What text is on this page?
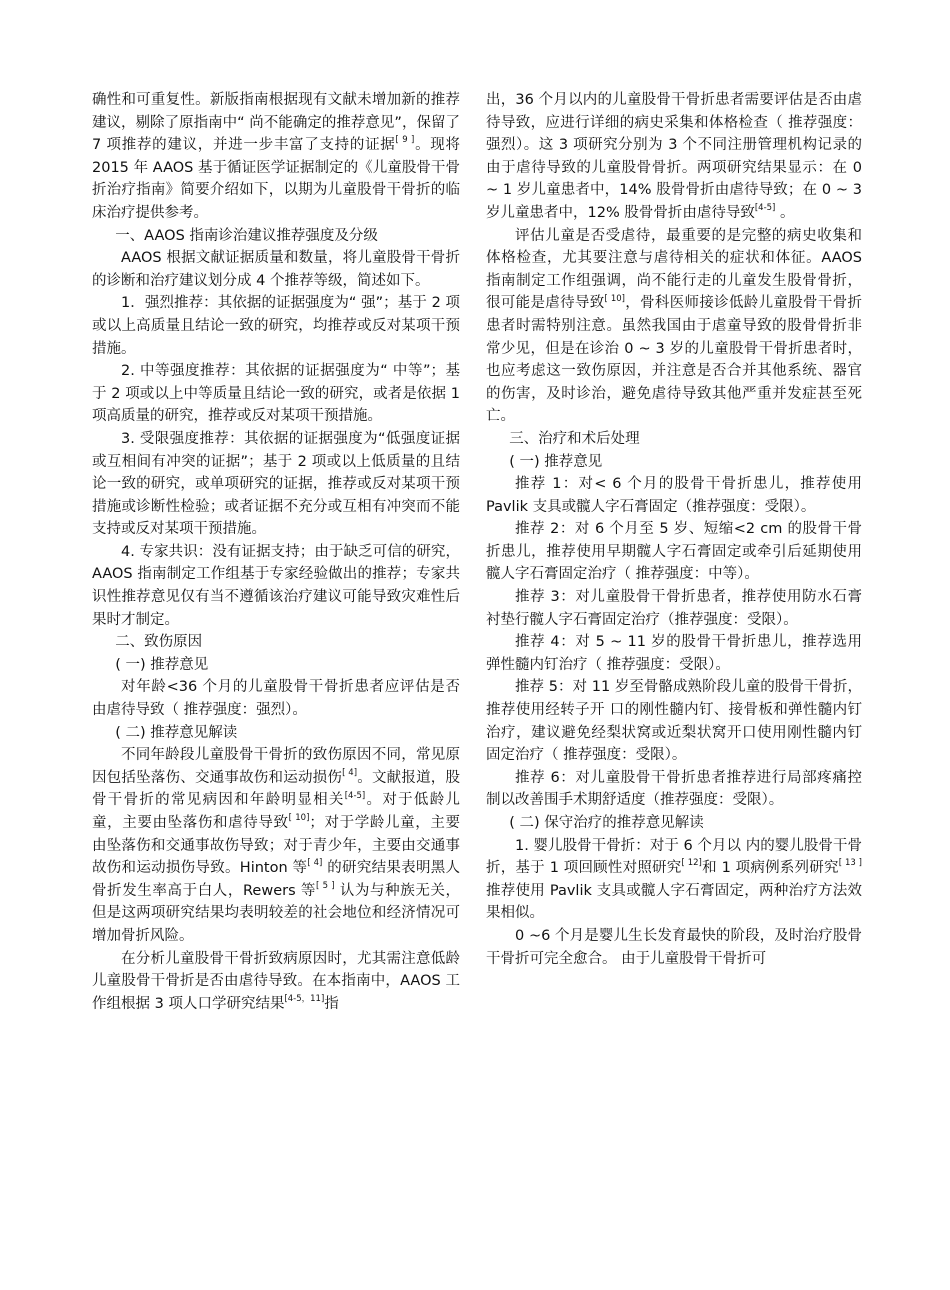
确性和可重复性。新版指南根据现有文献未增加新的推荐建议，剔除了原指南中“ 尚不能确定的推荐意见”，保留了 7 项推荐的建议，并进一步丰富了支持的证据[ 9 ]。现将 2015 年 AAOS 基于循证医学证据制定的《儿童股骨干骨折治疗指南》简要介绍如下，以期为儿童股骨干骨折的临床治疗提供参考。

一、AAOS 指南诊治建议推荐强度及分级

AAOS 根据文献证据质量和数量，将儿童股骨干骨折的诊断和治疗建议划分成 4 个推荐等级，简述如下。

1．强烈推荐：其依据的证据强度为“ 强”；基于 2 项或以上高质量且结论一致的研究，均推荐或反对某项干预措施。

2. 中等强度推荐：其依据的证据强度为“ 中等”；基于 2 项或以上中等质量且结论一致的研究，或者是依据 1 项高质量的研究，推荐或反对某项干预措施。

3. 受限强度推荐：其依据的证据强度为“低强度证据或互相间有冲突的证据”；基于 2 项或以上低质量的且结论一致的研究，或单项研究的证据，推荐或反对某项干预措施或诊断性检验；或者证据不充分或互相有冲突而不能支持或反对某项干预措施。

4. 专家共识：没有证据支持；由于缺乏可信的研究，AAOS 指南制定工作组基于专家经验做出的推荐；专家共识性推荐意见仅有当不遵循该治疗建议可能导致灾难性后果时才制定。

二、致伤原因

( 一) 推荐意见

对年龄<36 个月的儿童股骨干骨折患者应评估是否由虐待导致（ 推荐强度：强烈）。

( 二) 推荐意见解读

不同年龄段儿童股骨干骨折的致伤原因不同，常见原因包括坠落伤、交通事故伤和运动损伤[ 4]。文献报道，股骨干骨折的常见病因和年龄明显相关[4-5]。对于低龄儿童，主要由坠落伤和虐待导致[ 10]；对于学龄儿童，主要由坠落伤和交通事故伤导致；对于青少年，主要由交通事故伤和运动损伤导致。Hinton 等[ 4] 的研究结果表明黑人骨折发生率高于白人，Rewers 等[ 5 ] 认为与种族无关，但是这两项研究结果均表明较差的社会地位和经济情况可增加骨折风险。

在分析儿童股骨干骨折致病原因时，尤其需注意低龄儿童股骨干骨折是否由虐待导致。在本指南中，AAOS 工作组根据 3 项人口学研究结果[4-5，11]指

出，36 个月以内的儿童股骨干骨折患者需要评估是否由虐待导致，应进行详细的病史采集和体格检查（ 推荐强度：强烈）。这 3 项研究分别为 3 个不同注册管理机构记录的由于虐待导致的儿童股骨骨折。两项研究结果显示：在 0 ~ 1 岁儿童患者中，14% 股骨骨折由虐待导致；在 0 ~ 3 岁儿童患者中，12% 股骨骨折由虐待导致[4-5] 。

评估儿童是否受虐待，最重要的是完整的病史收集和体格检查，尤其要注意与虐待相关的症状和体征。AAOS 指南制定工作组强调，尚不能行走的儿童发生股骨骨折，很可能是虐待导致[ 10]，骨科医师接诊低龄儿童股骨干骨折患者时需特别注意。虽然我国由于虐童导致的股骨骨折非常少见，但是在诊治 0 ~ 3 岁的儿童股骨干骨折患者时，也应考虑这一致伤原因，并注意是否合并其他系统、器官的伤害，及时诊治，避免虐待导致其他严重并发症甚至死亡。

三、治疗和术后处理

( 一) 推荐意见

推荐 1：对< 6 个月的股骨干骨折患儿，推荐使用 Pavlik 支具或髋人字石膏固定（推荐强度：受限）。

推荐 2：对 6 个月至 5 岁、短缩<2 cm 的股骨干骨折患儿，推荐使用早期髋人字石膏固定或牵引后延期使用髋人字石膏固定治疗（ 推荐强度：中等）。

推荐 3：对儿童股骨干骨折患者，推荐使用防水石膏衬垫行髋人字石膏固定治疗（推荐强度：受限）。

推荐 4：对 5 ~ 11 岁的股骨干骨折患儿，推荐选用弹性髓内钉治疗（ 推荐强度：受限）。

推荐 5：对 11 岁至骨骼成熟阶段儿童的股骨干骨折，推荐使用经转子开 口的刚性髓内钉、接骨板和弹性髓内钉治疗，建议避免经梨状窝或近梨状窝开口使用刚性髓内钉固定治疗（ 推荐强度：受限）。

推荐 6：对儿童股骨干骨折患者推荐进行局部疼痛控制以改善围手术期舒适度（推荐强度：受限）。

( 二) 保守治疗的推荐意见解读

1. 婴儿股骨干骨折：对于 6 个月以 内的婴儿股骨干骨折，基于 1 项回顾性对照研究[ 12]和 1 项病例系列研究[ 13 ] 推荐使用 Pavlik 支具或髋人字石膏固定，两种治疗方法效果相似。

0 ~6 个月是婴儿生长发育最快的阶段，及时治疗股骨干骨折可完全愈合。 由于儿童股骨干骨折可
